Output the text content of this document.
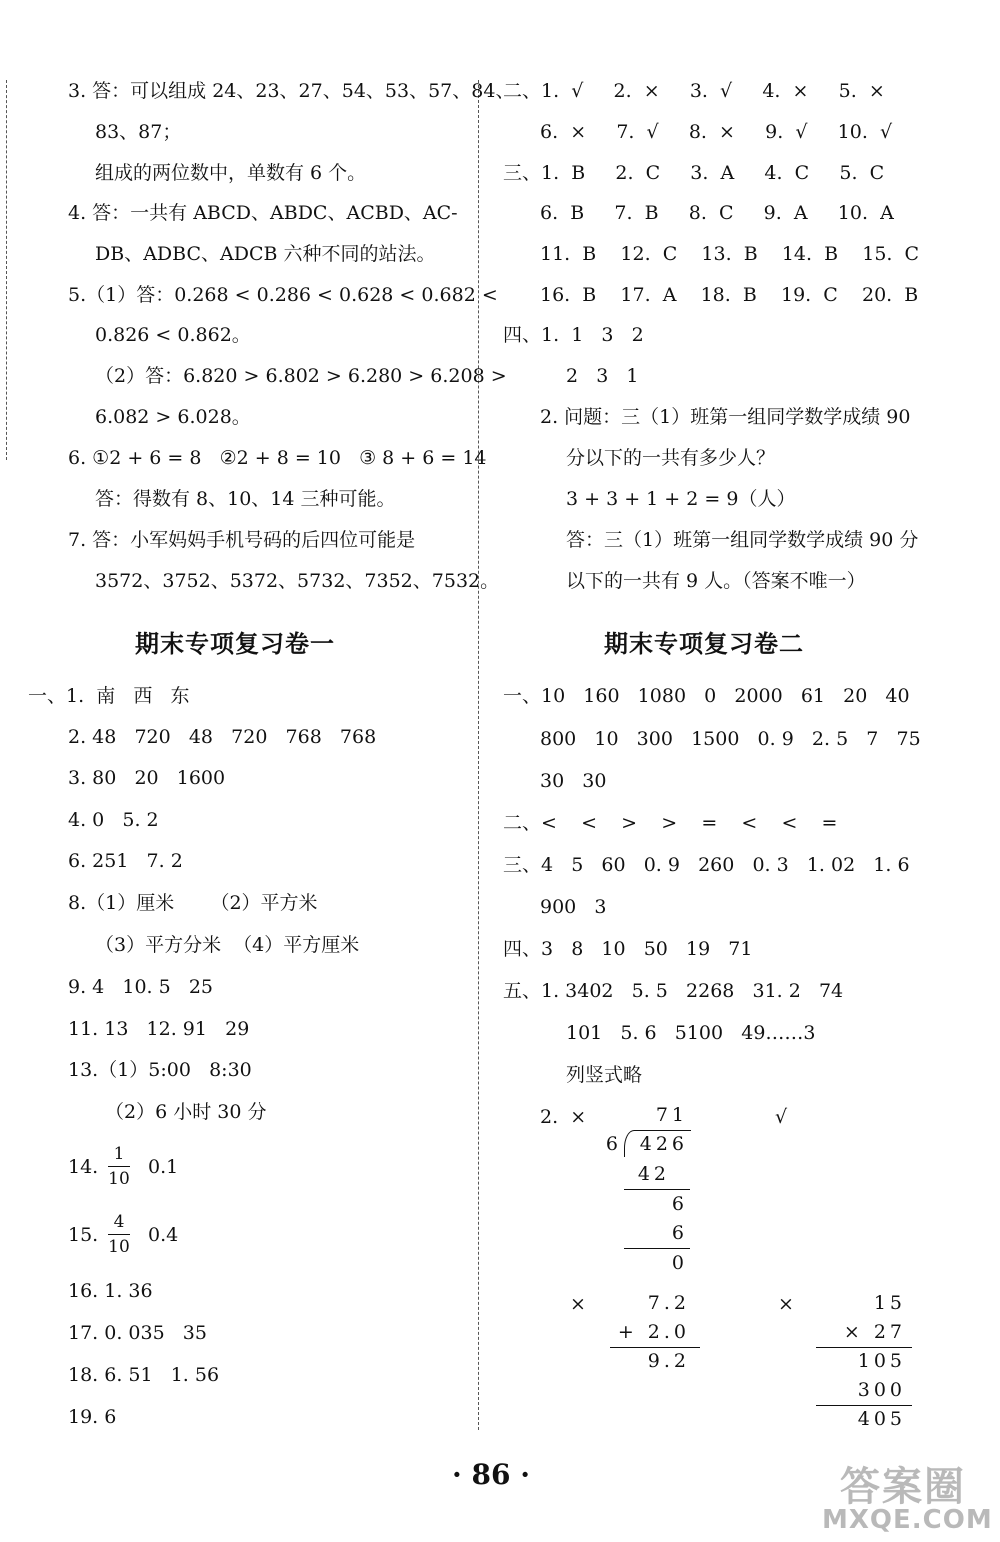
3. 答：可以组成 24、23、27、54、53、57、84、
83、87；
组成的两位数中，单数有 6 个。
4. 答：一共有 ABCD、ABDC、ACBD、AC-
DB、ADBC、ADCB 六种不同的站法。
5.（1）答：0.268 < 0.286 < 0.628 < 0.682 <
0.826 < 0.862。
（2）答：6.820 > 6.802 > 6.280 > 6.208 >
6.082 > 6.028。
6. ①2 + 6 = 8   ②2 + 8 = 10   ③ 8 + 6 = 14
答：得数有 8、10、14 三种可能。
7. 答：小军妈妈手机号码的后四位可能是
3572、3752、5372、5732、7352、7532。
二、1.  √     2.  ×     3.  √     4.  ×     5.  ×
6.  ×     7.  √     8.  ×     9.  √     10.  √
三、1.  B     2.  C     3.  A     4.  C     5.  C
6.  B     7.  B     8.  C     9.  A     10.  A
11.  B    12.  C    13.  B    14.  B    15.  C
16.  B    17.  A    18.  B    19.  C    20.  B
四、1.  1   3   2
2   3   1
2. 问题：三（1）班第一组同学数学成绩 90
分以下的一共有多少人？
3 + 3 + 1 + 2 = 9（人）
答：三（1）班第一组同学数学成绩 90 分
以下的一共有 9 人。（答案不唯一）
期末专项复习卷一	期末专项复习卷二
一、1.  南   西   东
2. 48   720   48   720   768   768
3. 80   20   1600
4. 0   5. 2
6. 251   7. 2
8.（1）厘米      （2）平方米
（3）平方分米  （4）平方厘米
9. 4   10. 5   25
11. 13   12. 91   29
13.（1）5:00   8:30
（2）6 小时 30 分
14.
1
10
0.1
15.
4
10
0.4
16. 1. 36
17. 0. 035   35
18. 6. 51   1. 56
19. 6
一、10   160   1080   0   2000   61   20   40
800   10   300   1500   0. 9   2. 5   7   75
30   30
二、<    <    >    >    =    <    <    =
三、4   5   60   0. 9   260   0. 3   1. 02   1. 6
900   3
四、3   8   10   50   19   71
五、1. 3402   5. 5   2268   31. 2   74
101   5. 6   5100   49……3
列竖式略
2.  ×	√
71
6 426
42
6
6
0
×	7.2
+ 2.0
9.2
×	15
× 27
105
300
405
· 86 ·	答案圈
MXQE.COM
